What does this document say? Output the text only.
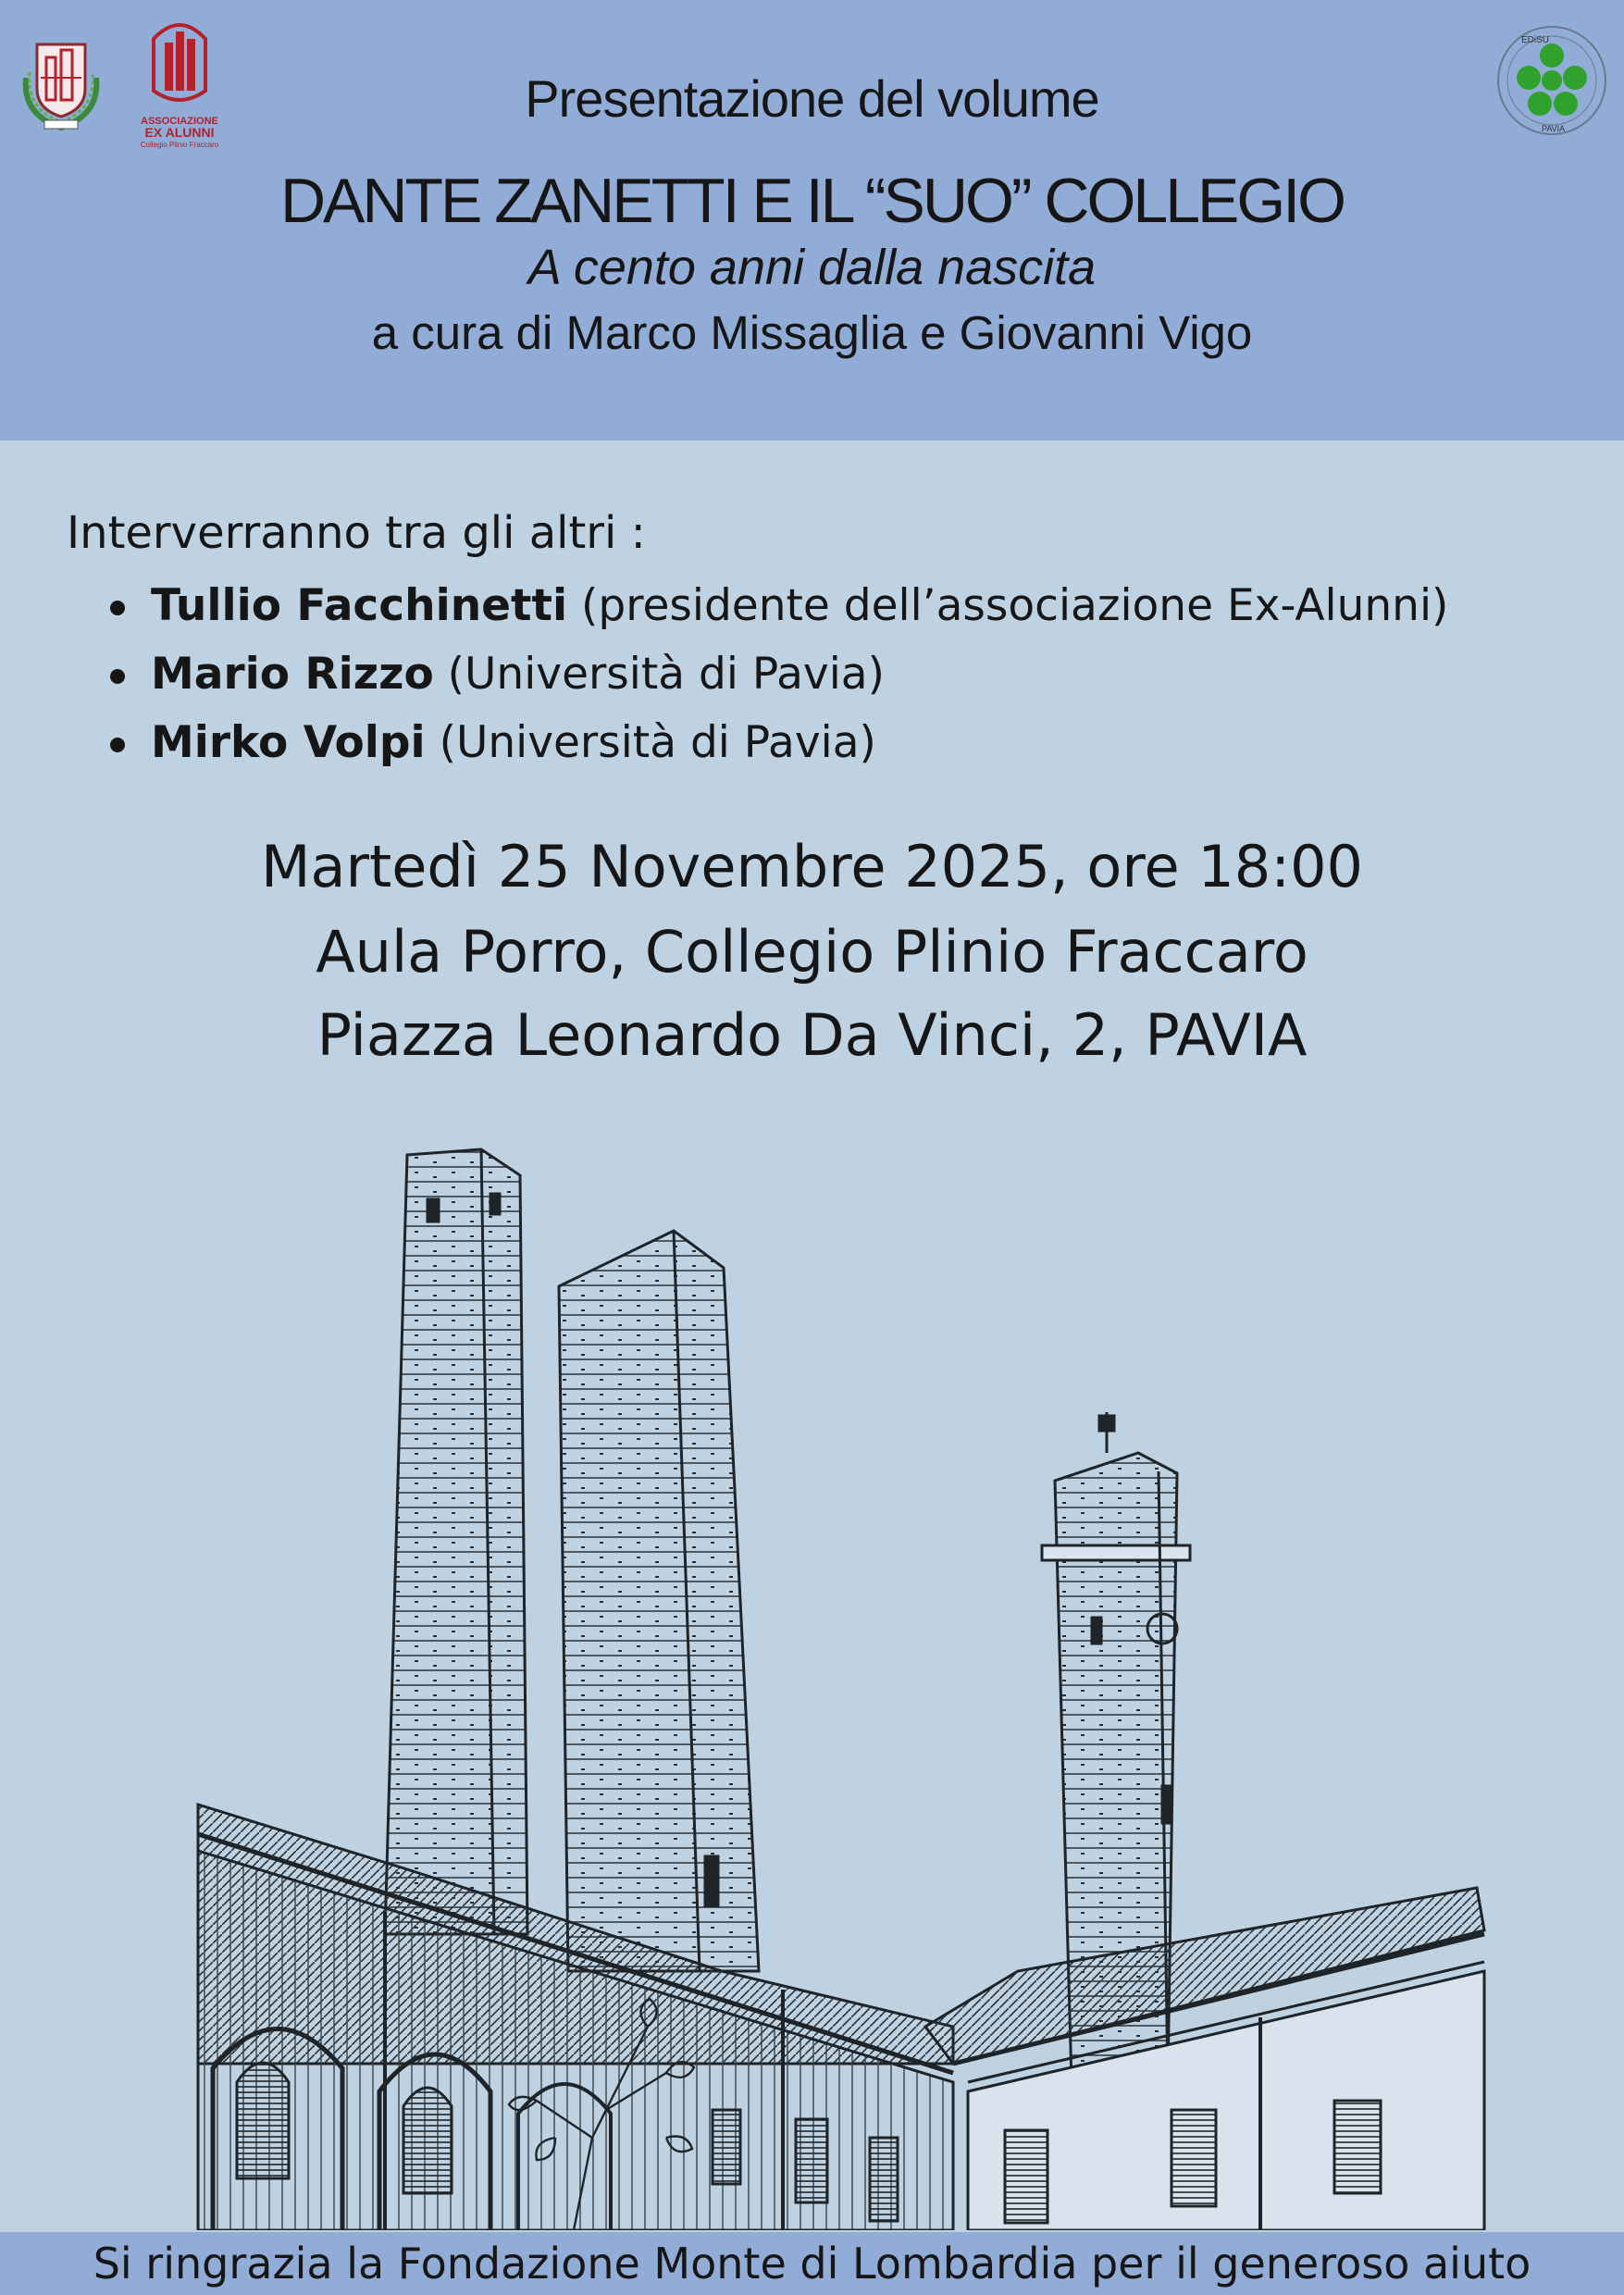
ASSOCIAZIONE
EX ALUNNI
Collegio Plinio Fraccaro
EDiSU
PAVIA
Presentazione del volume
DANTE ZANETTI E IL “SUO” COLLEGIO
A cento anni dalla nascita
a cura di Marco Missaglia e Giovanni Vigo
Interverranno tra gli altri :
Tullio Facchinetti (presidente dell’associazione Ex-Alunni)
Mario Rizzo (Università di Pavia)
Mirko Volpi (Università di Pavia)
Martedì 25 Novembre 2025, ore 18:00
Aula Porro, Collegio Plinio Fraccaro
Piazza Leonardo Da Vinci, 2, PAVIA
Si ringrazia la Fondazione Monte di Lombardia per il generoso aiuto
